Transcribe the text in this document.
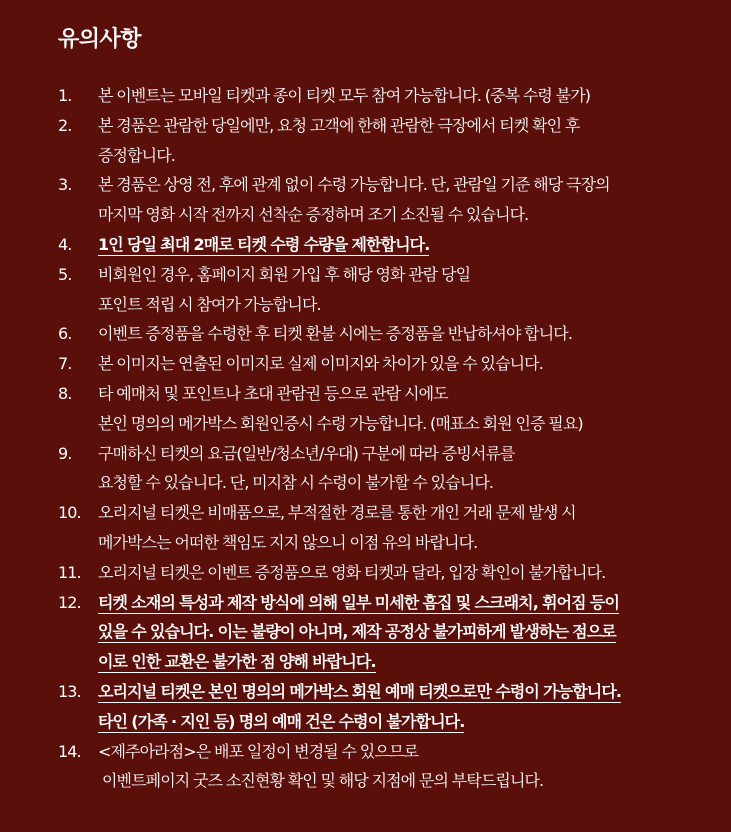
유의사항
1.	본 이벤트는 모바일 티켓과 종이 티켓 모두 참여 가능합니다. (중복 수령 불가)
2.	본 경품은 관람한 당일에만, 요청 고객에 한해 관람한 극장에서 티켓 확인 후
증정합니다.
3.	본 경품은 상영 전, 후에 관계 없이 수령 가능합니다. 단, 관람일 기준 해당 극장의
마지막 영화 시작 전까지 선착순 증정하며 조기 소진될 수 있습니다.
4.	1인 당일 최대 2매로 티켓 수령 수량을 제한합니다.
5.	비회원인 경우, 홈페이지 회원 가입 후 해당 영화 관람 당일
포인트 적립 시 참여가 가능합니다.
6.	이벤트 증정품을 수령한 후 티켓 환불 시에는 증정품을 반납하셔야 합니다.
7.	본 이미지는 연출된 이미지로 실제 이미지와 차이가 있을 수 있습니다.
8.	타 예매처 및 포인트나 초대 관람권 등으로 관람 시에도
본인 명의의 메가박스 회원인증시 수령 가능합니다. (매표소 회원 인증 필요)
9.	구매하신 티켓의 요금(일반/청소년/우대) 구분에 따라 증빙서류를
요청할 수 있습니다. 단, 미지참 시 수령이 불가할 수 있습니다.
10.	오리지널 티켓은 비매품으로, 부적절한 경로를 통한 개인 거래 문제 발생 시
메가박스는 어떠한 책임도 지지 않으니 이점 유의 바랍니다.
11.	오리지널 티켓은 이벤트 증정품으로 영화 티켓과 달라, 입장 확인이 불가합니다.
12.	티켓 소재의 특성과 제작 방식에 의해 일부 미세한 흠집 및 스크래치, 휘어짐 등이
있을 수 있습니다. 이는 불량이 아니며, 제작 공정상 불가피하게 발생하는 점으로
이로 인한 교환은 불가한 점 양해 바랍니다.
13.	오리지널 티켓은 본인 명의의 메가박스 회원 예매 티켓으로만 수령이 가능합니다.
타인 (가족 · 지인 등) 명의 예매 건은 수령이 불가합니다.
14.	<제주아라점>은 배포 일정이 변경될 수 있으므로
이벤트페이지 굿즈 소진현황 확인 및 해당 지점에 문의 부탁드립니다.
